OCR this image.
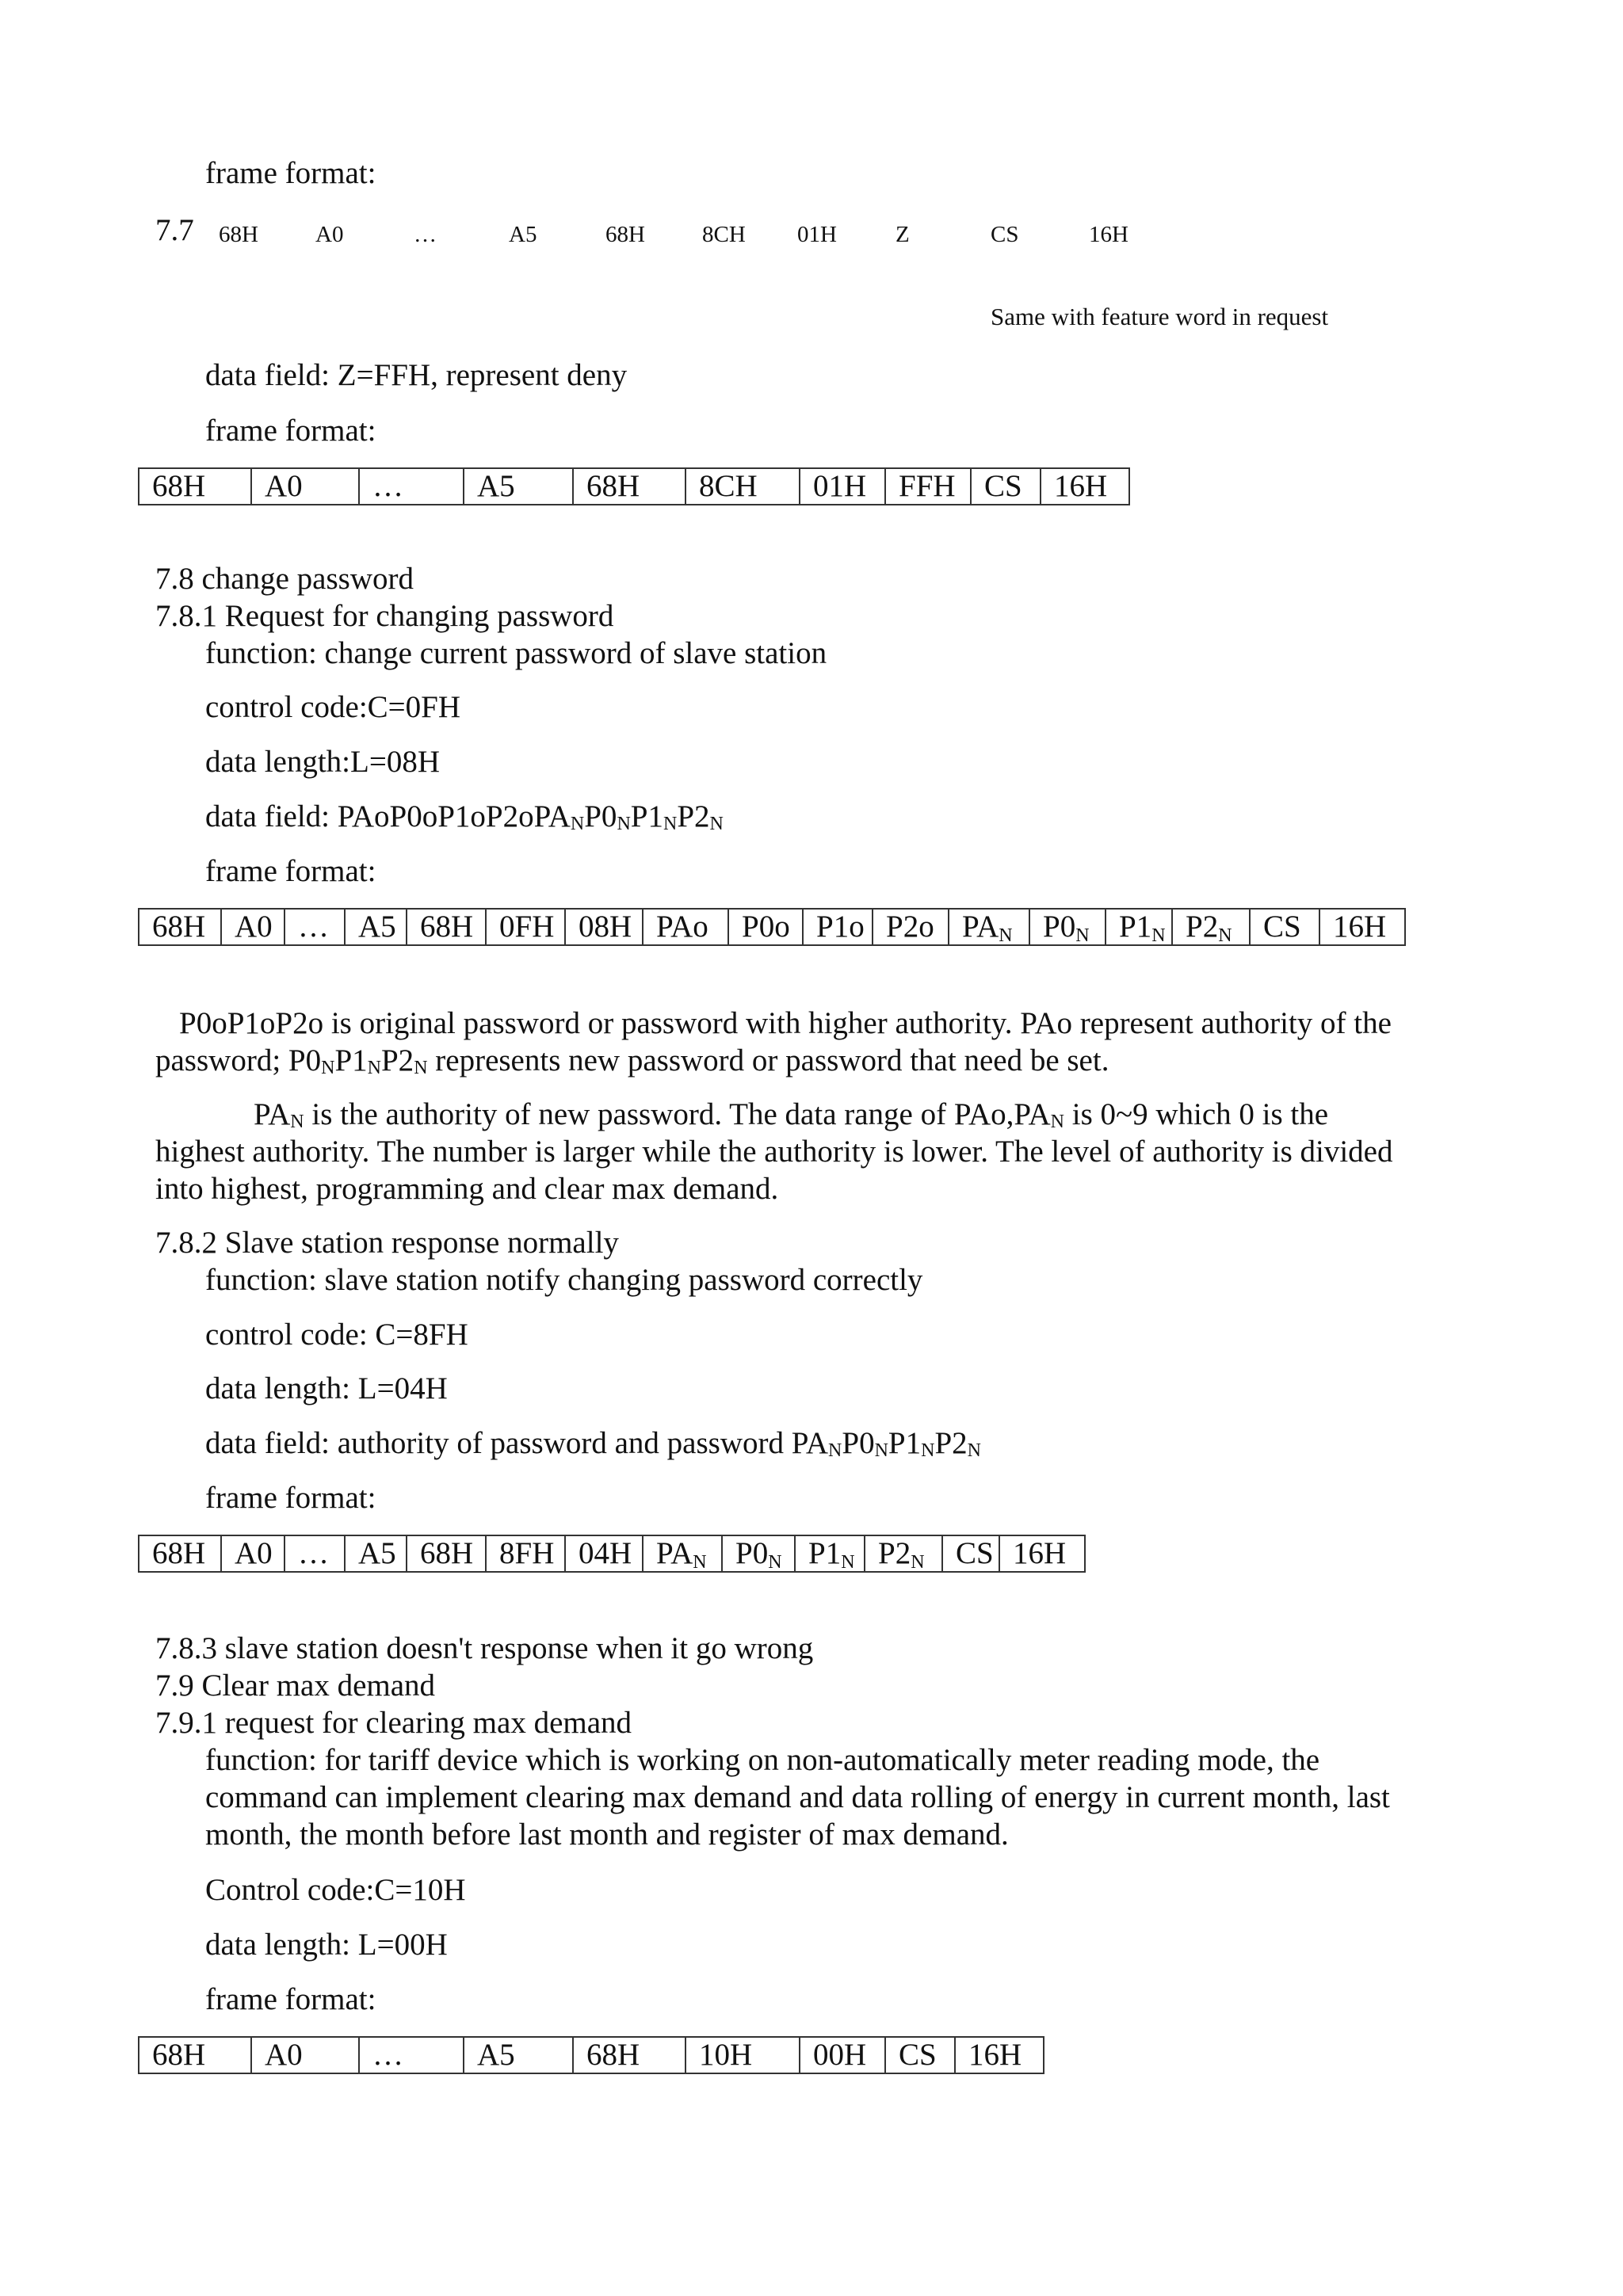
frame format:
7.7 68H A0	…	A5	68H 8CH 01H	Z	CS	16H
Same with feature word in request
data field: Z=FFH, represent deny
frame format:
68H	A0	…	A5	68H	8CH	01H	FFH	CS	16H
7.8 change password
7.8.1 Request for changing password
function: change current password of slave station
control code:C=0FH
data length:L=08H
data field: $PAoP0oP1oP2oPA_NP0_NP1_NP2_N$
frame format:
68H	A0	…	A5	68H	0FH	08H	PAo	P0o	P1o	P2o	$PA_N$	$P0_N$	$P1_N$	$P2_N$	CS	16H
P0oP1oP2o is original password or password with higher authority. PAo represent authority of the
password; $P0_NP1_NP2_N$ represents new password or password that need be set.
$PA_N$ is the authority of new password. The data range of $PAo,PA_N$ is 0~9 which 0 is the
highest authority. The number is larger while the authority is lower. The level of authority is divided
into highest, programming and clear max demand.
7.8.2 Slave station response normally
function: slave station notify changing password correctly
control code: C=8FH
data length: L=04H
data field: authority of password and password $PA_NP0_NP1_NP2_N$
frame format:
68H	A0	…	A5	68H	8FH	04H	$PA_N$	$P0_N$	$P1_N$	$P2_N$	CS	16H
7.8.3 slave station doesn't response when it go wrong
7.9 Clear max demand
7.9.1 request for clearing max demand
function: for tariff device which is working on non-automatically meter reading mode, the
command can implement clearing max demand and data rolling of energy in current month, last
month, the month before last month and register of max demand.
Control code:C=10H
data length: L=00H
frame format:
68H	A0	…	A5	68H	10H	00H	CS	16H
